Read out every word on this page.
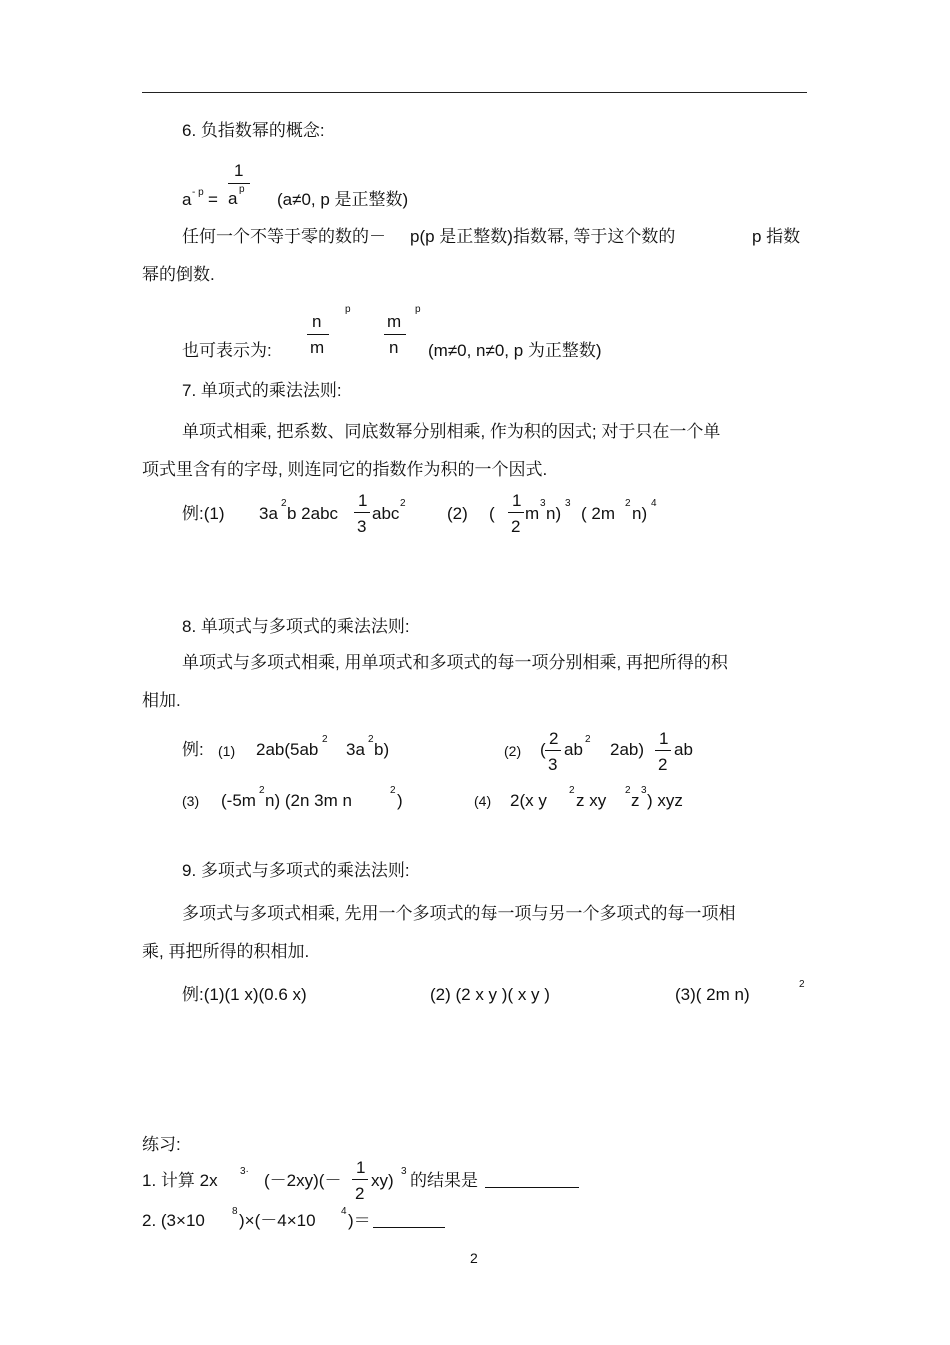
6. 负指数幂的概念:
a - p =
1
a p
(a≠0, p 是正整数)
任何一个不等于零的数的－ p(p 是正整数)指数幂, 等于这个数的	p 指数
幂的倒数.
也可表示为:
n
m
p
m
n
p
(m≠0, n≠0, p 为正整数)
7. 单项式的乘法法则:
单项式相乘, 把系数、同底数幂分别相乘, 作为积的因式; 对于只在一个单
项式里含有的字母, 则连同它的指数作为积的一个因式.
例:(1) 3a
2
b 2abc
1
3
abc
2
(2) (
1
2
m
3
n)
3
( 2m
2
n)
4
8. 单项式与多项式的乘法法则:
单项式与多项式相乘, 用单项式和多项式的每一项分别相乘, 再把所得的积
相加.
例: (1) 2ab(5ab
2
3a
2
b)	(2) (
2
3
ab
2
2ab)
1
2
ab
(3) (-5m
2
n) (2n 3m n
2
)	(4) 2(x y
2
z xy
2
z
3
) xyz
9. 多项式与多项式的乘法法则:
多项式与多项式相乘, 先用一个多项式的每一项与另一个多项式的每一项相
乘, 再把所得的积相加.
例:(1)(1 x)(0.6 x)	(2) (2 x y )( x y )	(3)( 2m n)
2
练习:
1. 计算 2x 3· (－2xy)(－
1
2
xy) 3 的结果是
2. (3×10	8 )×(－4×10	4 )＝
2
